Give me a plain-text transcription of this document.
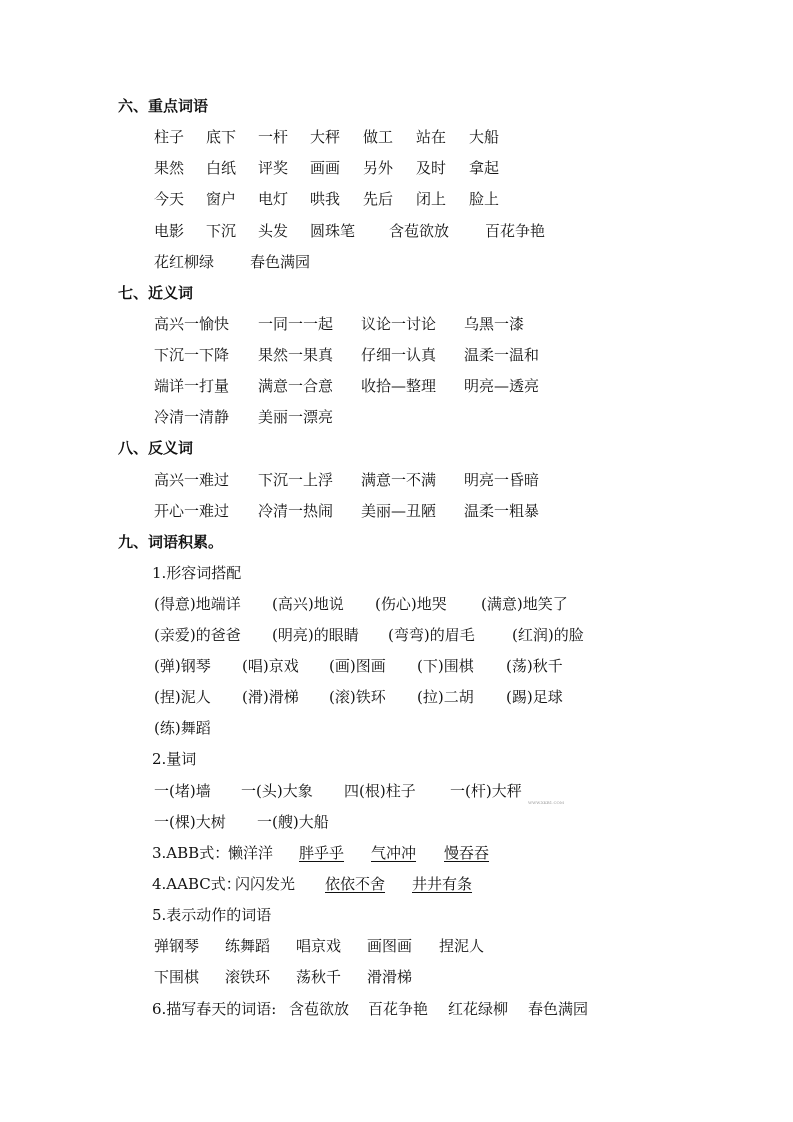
六、重点词语
柱子 底下 一杆 大秤 做工 站在 大船
果然 白纸 评奖 画画 另外 及时 拿起
今天 窗户 电灯 哄我 先后 闭上 脸上
电影 下沉 头发 圆珠笔 含苞欲放 百花争艳
花红柳绿 春色满园
七、近义词
高兴一愉快 一同一一起 议论一讨论 乌黑一漆
下沉一下降 果然一果真 仔细一认真 温柔一温和
端详一打量 满意一合意 收拾—整理 明亮—透亮
冷清一清静 美丽一漂亮
八、反义词
高兴一难过 下沉一上浮 满意一不满 明亮一昏暗
开心一难过 冷清一热闹 美丽—丑陋 温柔一粗暴
九、词语积累。
1.形容词搭配
(得意)地端详 (高兴)地说 (伤心)地哭 (满意)地笑了
(亲爱)的爸爸 (明亮)的眼睛 (弯弯)的眉毛 (红润)的脸
(弹)钢琴 (唱)京戏 (画)图画 (下)围棋 (荡)秋千
(捏)泥人 (滑)滑梯 (滚)铁环 (拉)二胡 (踢)足球
(练)舞蹈
2.量词
一(堵)墙 一(头)大象 四(根)柱子 一(杆)大秤
WWW.XKB1.COM
一(棵)大树 一(艘)大船
3.ABB式：
懒洋洋 胖乎乎 气冲冲 慢吞吞
4.AABC式：
闪闪发光 依依不舍 井井有条
5.表示动作的词语
弹钢琴 练舞蹈 唱京戏 画图画 捏泥人
下围棋 滚铁环 荡秋千 滑滑梯
6.描写春天的词语: 含苞欲放 百花争艳 红花绿柳 春色满园
